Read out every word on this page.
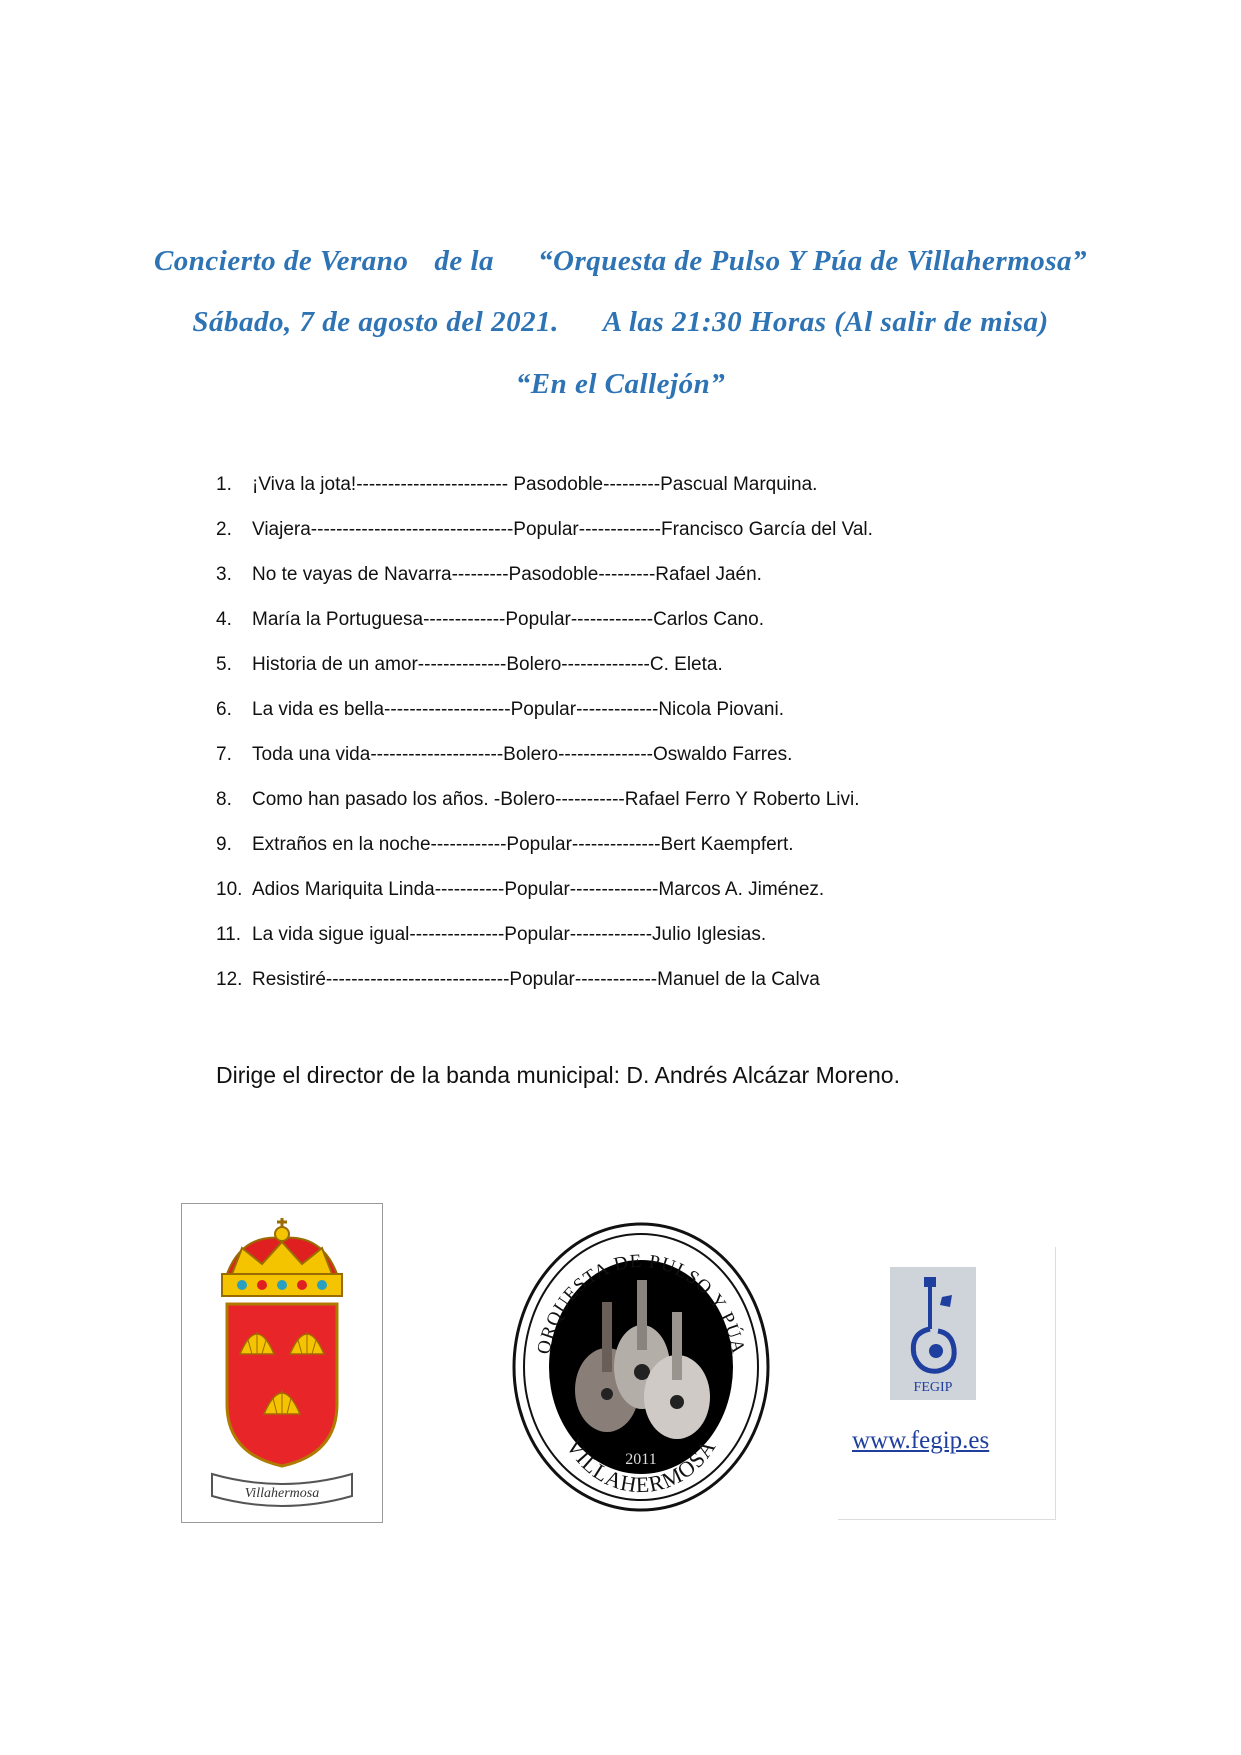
Concierto de Verano de la “Orquesta de Pulso Y Púa de Villahermosa”
Sábado, 7 de agosto del 2021. A las 21:30 Horas (Al salir de misa)
“En el Callejón”
1.	¡Viva la jota!------------------------ Pasodoble---------Pascual Marquina.
2.	Viajera--------------------------------Popular-------------Francisco García del Val.
3.	No te vayas de Navarra---------Pasodoble---------Rafael Jaén.
4.	María la Portuguesa-------------Popular-------------Carlos Cano.
5.	Historia de un amor--------------Bolero--------------C. Eleta.
6.	La vida es bella--------------------Popular-------------Nicola Piovani.
7.	Toda una vida---------------------Bolero---------------Oswaldo Farres.
8.	Como han pasado los años. -Bolero-----------Rafael Ferro Y Roberto Livi.
9.	Extraños en la noche------------Popular--------------Bert Kaempfert.
10. Adios Mariquita Linda-----------Popular--------------Marcos A. Jiménez.
11. La vida sigue igual---------------Popular-------------Julio Iglesias.
12. Resistiré-----------------------------Popular-------------Manuel de la Calva
Dirige el director de la banda municipal: D. Andrés Alcázar Moreno.
Villahermosa
ORQUESTA DE PULSO Y PÚA
VILLAHERMOSA
2011
FEGIP
www.fegip.es
